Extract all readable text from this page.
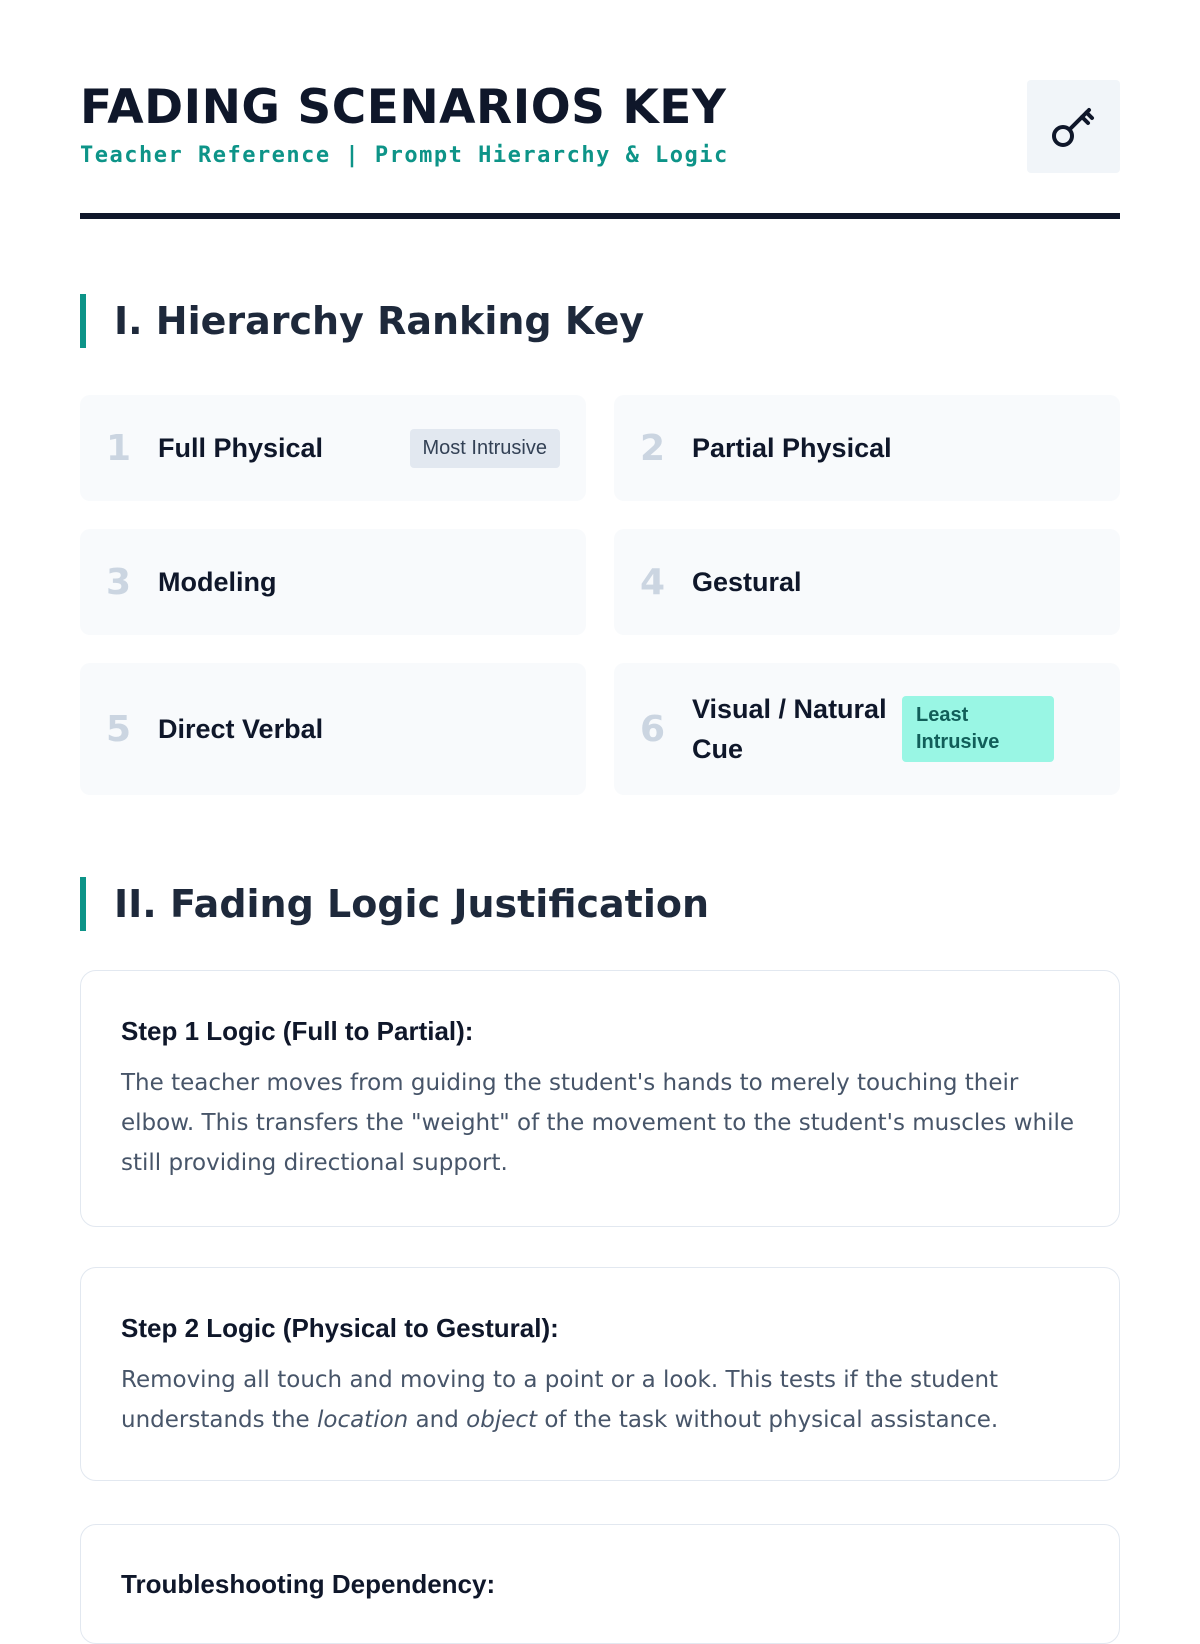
FADING SCENARIOS KEY

Teacher Reference | Prompt Hierarchy & Logic

I. Hierarchy Ranking Key
1 Full Physical	Most Intrusive	2 Partial Physical
3 Modeling	4 Gestural
5 Direct Verbal	6 Visual / Natural Cue
Least Intrusive
II. Fading Logic Justification

Step 1 Logic (Full to Partial):

The teacher moves from guiding the student's hands to merely touching their elbow. This transfers the "weight" of the movement to the student's muscles while still providing directional support.

Step 2 Logic (Physical to Gestural):

Removing all touch and moving to a point or a look. This tests if the student understands the location and object of the task without physical assistance.

Troubleshooting Dependency:
